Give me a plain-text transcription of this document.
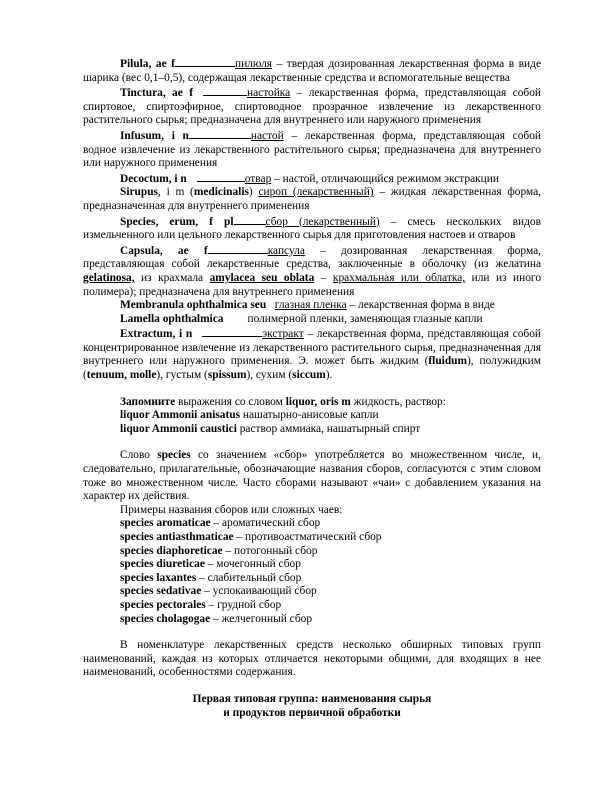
Pilula, ae f	пилюля – твердая дозированная лекарственная форма в виде шарика (вес 0,1–0,5), содержащая лекарственные средства и вспомогательные вещества

Tinctura, ae f	настойка – лекарственная форма, представляющая собой спиртовое, спиртоэфирное, спиртоводное прозрачное извлечение из лекарственного растительного сырья; предназначена для внутреннего или наружного применения

Infusum, i n	настой – лекарственная форма, представляющая собой водное извлечение из лекарственного растительного сырья; предназначена для внутреннего или наружного применения

Decoctum, i n	отвар – настой, отличающийся режимом экстракции

Sirupus, i m (medicinalis) сироп (лекарственный) – жидкая лекарственная форма, предназначенная для внутреннего применения

Species, erum, f pl	сбор (лекарственный) – смесь нескольких видов измельченного или цельного лекарственного сырья для приготовления настоев и отваров

Capsula, ae f	капсула – дозированная лекарственная форма, представляющая собой лекарственные средства, заключенные в оболочку (из желатина gelatinosa, из крахмала amylacea seu oblata – крахмальная или облатка, или из иного полимера); предназначена для внутреннего применения

Membranula ophthalmica seu глазная пленка – лекарственная форма в виде

Lamella ophthalmica полимерной пленки, заменяющая глазные капли

Extractum, i n	экстракт – лекарственная форма, представляющая собой концентрированное извлечение из лекарственного растительного сырья, предназначенная для внутреннего или наружного применения. Э. может быть жидким (fluidum), полужидким (tenuum, molle), густым (spissum), сухим (siccum).

Запомните выражения со словом liquor, oris m жидкость, раствор:

liquor Ammonii anisatus нашатырно-анисовые капли

liquor Ammonii caustici раствор аммиака, нашатырный спирт

Слово species со значением «сбор» употребляется во множественном числе, и, следовательно, прилагательные, обозначающие названия сборов, согласуются с этим словом тоже во множественном числе. Часто сборами называют «чаи» с добавлением указания на характер их действия.

Примеры названия сборов или сложных чаев:

species aromaticae – ароматический сбор

species antiasthmaticae – противоастматический сбор

species diaphoreticae – потогонный сбор

species diureticae – мочегонный сбор

species laxantes – слабительный сбор

species sedativae – успокаивающий сбор

species pectorales – грудной сбор

species cholagogae – желчегонный сбор

В номенклатуре лекарственных средств несколько обширных типовых групп наименований, каждая из которых отличается некоторыми общими, для входящих в нее наименований, особенностями содержания.

Первая типовая группа: наименования сырья

и продуктов первичной обработки
